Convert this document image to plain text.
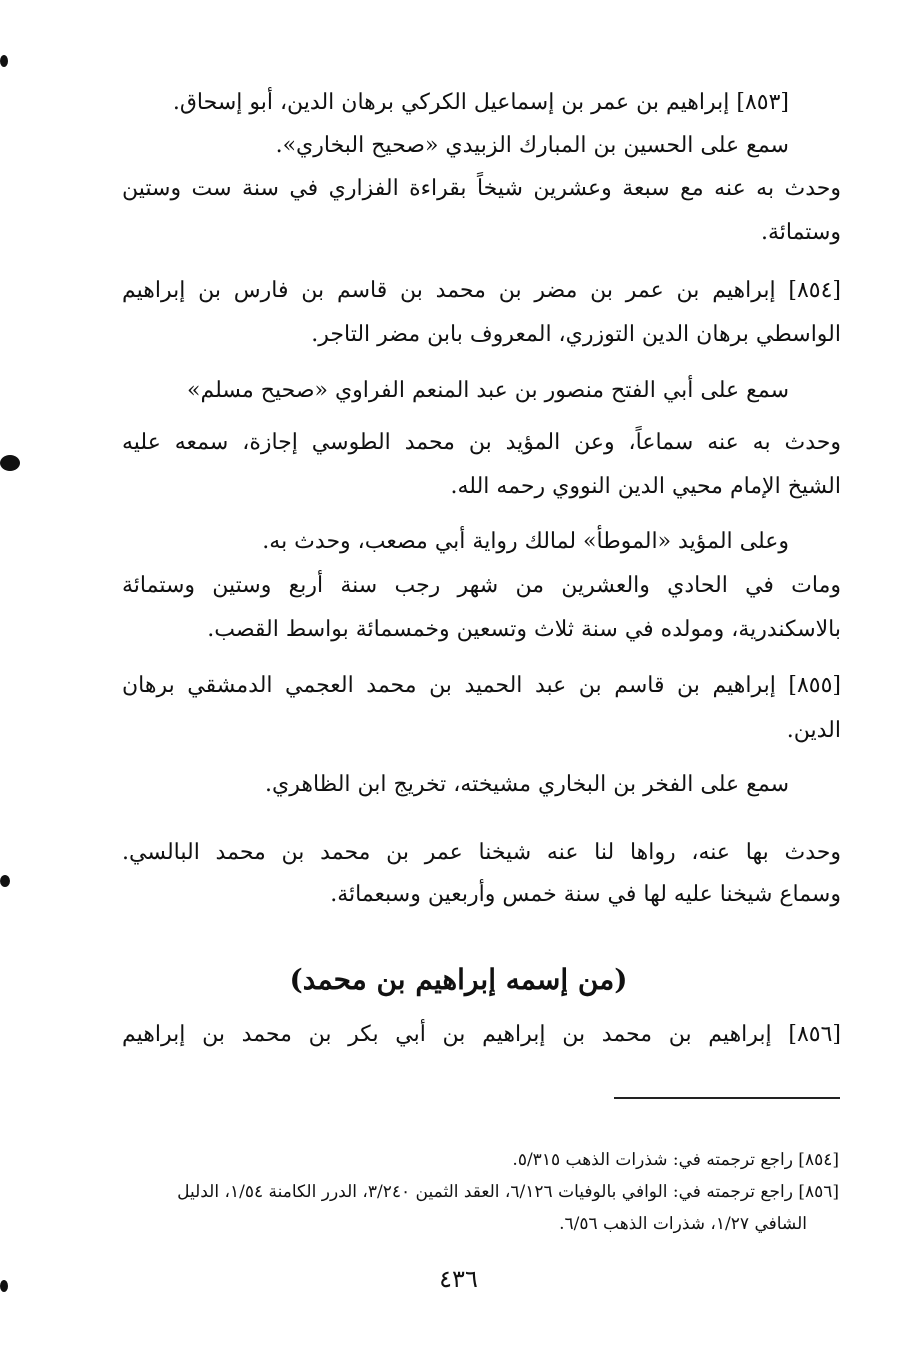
[٨٥٣] إبراهيم بن عمر بن إسماعيل الكركي برهان الدين، أبو إسحاق.
سمع على الحسين بن المبارك الزبيدي «صحيح البخاري».
وحدث به عنه مع سبعة وعشرين شيخاً بقراءة الفزاري في سنة ست وستين
وستمائة.
[٨٥٤] إبراهيم بن عمر بن مضر بن محمد بن قاسم بن فارس بن إبراهيم
الواسطي برهان الدين التوزري، المعروف بابن مضر التاجر.
سمع على أبي الفتح منصور بن عبد المنعم الفراوي «صحيح مسلم»
وحدث به عنه سماعاً، وعن المؤيد بن محمد الطوسي إجازة، سمعه عليه
الشيخ الإمام محيي الدين النووي رحمه الله.
وعلى المؤيد «الموطأ» لمالك رواية أبي مصعب، وحدث به.
ومات في الحادي والعشرين من شهر رجب سنة أربع وستين وستمائة
بالاسكندرية، ومولده في سنة ثلاث وتسعين وخمسمائة بواسط القصب.
[٨٥٥] إبراهيم بن قاسم بن عبد الحميد بن محمد العجمي الدمشقي برهان
الدين.
سمع على الفخر بن البخاري مشيخته، تخريج ابن الظاهري.
وحدث بها عنه، رواها لنا عنه شيخنا عمر بن محمد بن محمد البالسي.
وسماع شيخنا عليه لها في سنة خمس وأربعين وسبعمائة.
(من إسمه إبراهيم بن محمد)
[٨٥٦] إبراهيم بن محمد بن إبراهيم بن أبي بكر بن محمد بن إبراهيم
[٨٥٤] راجع ترجمته في: شذرات الذهب ٥/٣١٥.
[٨٥٦] راجع ترجمته في: الوافي بالوفيات ٦/١٢٦، العقد الثمين ٣/٢٤٠، الدرر الكامنة ١/٥٤، الدليل
الشافي ١/٢٧، شذرات الذهب ٦/٥٦.
٤٣٦
